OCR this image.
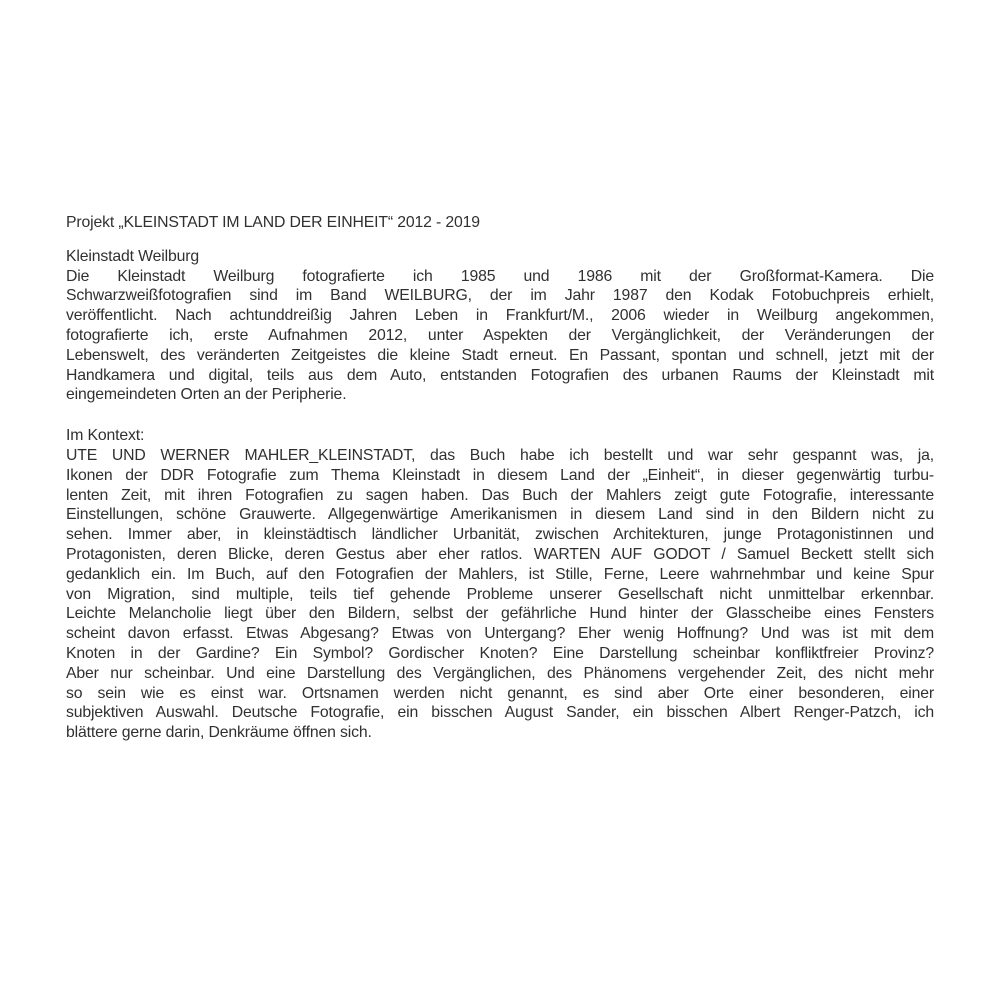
Projekt „KLEINSTADT IM LAND DER EINHEIT“ 2012 - 2019
Kleinstadt Weilburg
Die Kleinstadt Weilburg fotografierte ich 1985 und 1986 mit der Großformat-Kamera. Die
Schwarzweißfotografien sind im Band WEILBURG, der im Jahr 1987 den Kodak Fotobuchpreis erhielt,
veröffentlicht. Nach achtunddreißig Jahren Leben in Frankfurt/M., 2006 wieder in Weilburg angekommen,
fotografierte ich, erste Aufnahmen 2012, unter Aspekten der Vergänglichkeit, der Veränderungen der
Lebenswelt, des veränderten Zeitgeistes die kleine Stadt erneut. En Passant, spontan und schnell, jetzt mit der
Handkamera und digital, teils aus dem Auto, entstanden Fotografien des urbanen Raums der Kleinstadt mit
eingemeindeten Orten an der Peripherie.
Im Kontext:
UTE UND WERNER MAHLER_KLEINSTADT, das Buch habe ich bestellt und war sehr gespannt was, ja,
Ikonen der DDR Fotografie zum Thema Kleinstadt in diesem Land der „Einheit“, in dieser gegenwärtig turbu-
lenten Zeit, mit ihren Fotografien zu sagen haben. Das Buch der Mahlers zeigt gute Fotografie, interessante
Einstellungen, schöne Grauwerte. Allgegenwärtige Amerikanismen in diesem Land sind in den Bildern nicht zu
sehen. Immer aber, in kleinstädtisch ländlicher Urbanität, zwischen Architekturen, junge Protagonistinnen und
Protagonisten, deren Blicke, deren Gestus aber eher ratlos. WARTEN AUF GODOT / Samuel Beckett stellt sich
gedanklich ein. Im Buch, auf den Fotografien der Mahlers, ist Stille, Ferne, Leere wahrnehmbar und keine Spur
von Migration, sind multiple, teils tief gehende Probleme unserer Gesellschaft nicht unmittelbar erkennbar.
Leichte Melancholie liegt über den Bildern, selbst der gefährliche Hund hinter der Glasscheibe eines Fensters
scheint davon erfasst. Etwas Abgesang? Etwas von Untergang? Eher wenig Hoffnung? Und was ist mit dem
Knoten in der Gardine? Ein Symbol? Gordischer Knoten? Eine Darstellung scheinbar konfliktfreier Provinz?
Aber nur scheinbar. Und eine Darstellung des Vergänglichen, des Phänomens vergehender Zeit, des nicht mehr
so sein wie es einst war. Ortsnamen werden nicht genannt, es sind aber Orte einer besonderen, einer
subjektiven Auswahl. Deutsche Fotografie, ein bisschen August Sander, ein bisschen Albert Renger-Patzch, ich
blättere gerne darin, Denkräume öffnen sich.
